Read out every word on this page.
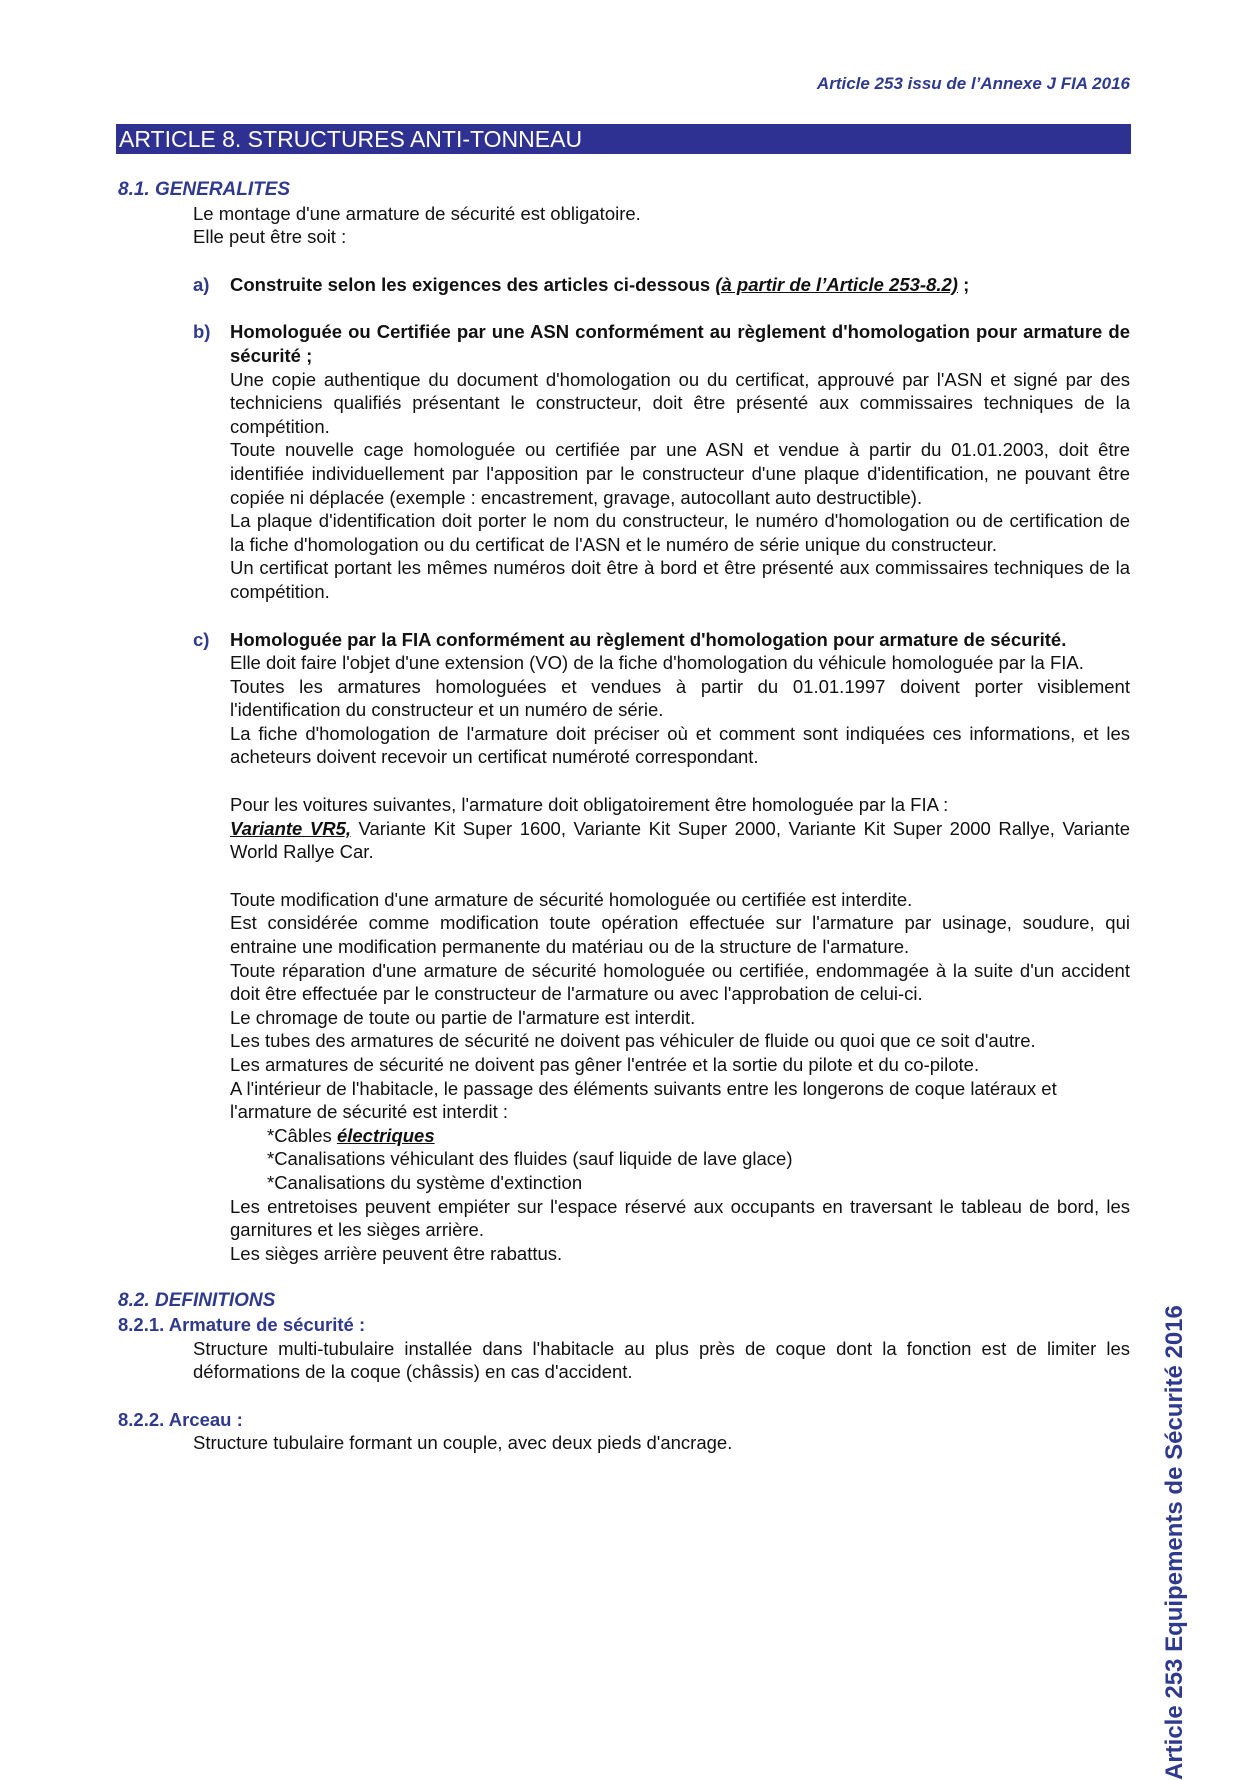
Article 253 issu de l’Annexe J FIA 2016
ARTICLE 8. STRUCTURES ANTI-TONNEAU
Article 253 Equipements de Sécurité 2016

8.1. GENERALITES

Le montage d'une armature de sécurité est obligatoire.

Elle peut être soit :

a)	Construite selon les exigences des articles ci-dessous (à partir de l’Article 253-8.2) ;
b)	Homologuée ou Certifiée par une ASN conformément au règlement d'homologation pour armature de sécurité ;

Une copie authentique du document d'homologation ou du certificat, approuvé par l'ASN et signé par des techniciens qualifiés présentant le constructeur, doit être présenté aux commissaires techniques de la compétition.

Toute nouvelle cage homologuée ou certifiée par une ASN et vendue à partir du 01.01.2003, doit être identifiée individuellement par l'apposition par le constructeur d'une plaque d'identification, ne pouvant être copiée ni déplacée (exemple : encastrement, gravage, autocollant auto destructible).

La plaque d'identification doit porter le nom du constructeur, le numéro d'homologation ou de certification de la fiche d'homologation ou du certificat de l'ASN et le numéro de série unique du constructeur.

Un certificat portant les mêmes numéros doit être à bord et être présenté aux commissaires techniques de la compétition.

c)	Homologuée par la FIA conformément au règlement d'homologation pour armature de sécurité.

Elle doit faire l'objet d'une extension (VO) de la fiche d'homologation du véhicule homologuée par la FIA.

Toutes les armatures homologuées et vendues à partir du 01.01.1997 doivent porter visiblement l'identification du constructeur et un numéro de série.

La fiche d'homologation de l'armature doit préciser où et comment sont indiquées ces informations, et les acheteurs doivent recevoir un certificat numéroté correspondant.

Pour les voitures suivantes, l'armature doit obligatoirement être homologuée par la FIA :

Variante VR5, Variante Kit Super 1600, Variante Kit Super 2000, Variante Kit Super 2000 Rallye, Variante World Rallye Car.

Toute modification d'une armature de sécurité homologuée ou certifiée est interdite.

Est considérée comme modification toute opération effectuée sur l'armature par usinage, soudure, qui entraine une modification permanente du matériau ou de la structure de l'armature.

Toute réparation d'une armature de sécurité homologuée ou certifiée, endommagée à la suite d'un accident doit être effectuée par le constructeur de l'armature ou avec l'approbation de celui-ci.

Le chromage de toute ou partie de l'armature est interdit.

Les tubes des armatures de sécurité ne doivent pas véhiculer de fluide ou quoi que ce soit d'autre.

Les armatures de sécurité ne doivent pas gêner l'entrée et la sortie du pilote et du co-pilote.

A l'intérieur de l'habitacle, le passage des éléments suivants entre les longerons de coque latéraux et l'armature de sécurité est interdit :

*Câbles électriques

*Canalisations véhiculant des fluides (sauf liquide de lave glace)

*Canalisations du système d'extinction

Les entretoises peuvent empiéter sur l'espace réservé aux occupants en traversant le tableau de bord, les garnitures et les sièges arrière.

Les sièges arrière peuvent être rabattus.

8.2. DEFINITIONS

8.2.1. Armature de sécurité :

Structure multi-tubulaire installée dans l'habitacle au plus près de coque dont la fonction est de limiter les déformations de la coque (châssis) en cas d'accident.

8.2.2. Arceau :

Structure tubulaire formant un couple, avec deux pieds d'ancrage.
